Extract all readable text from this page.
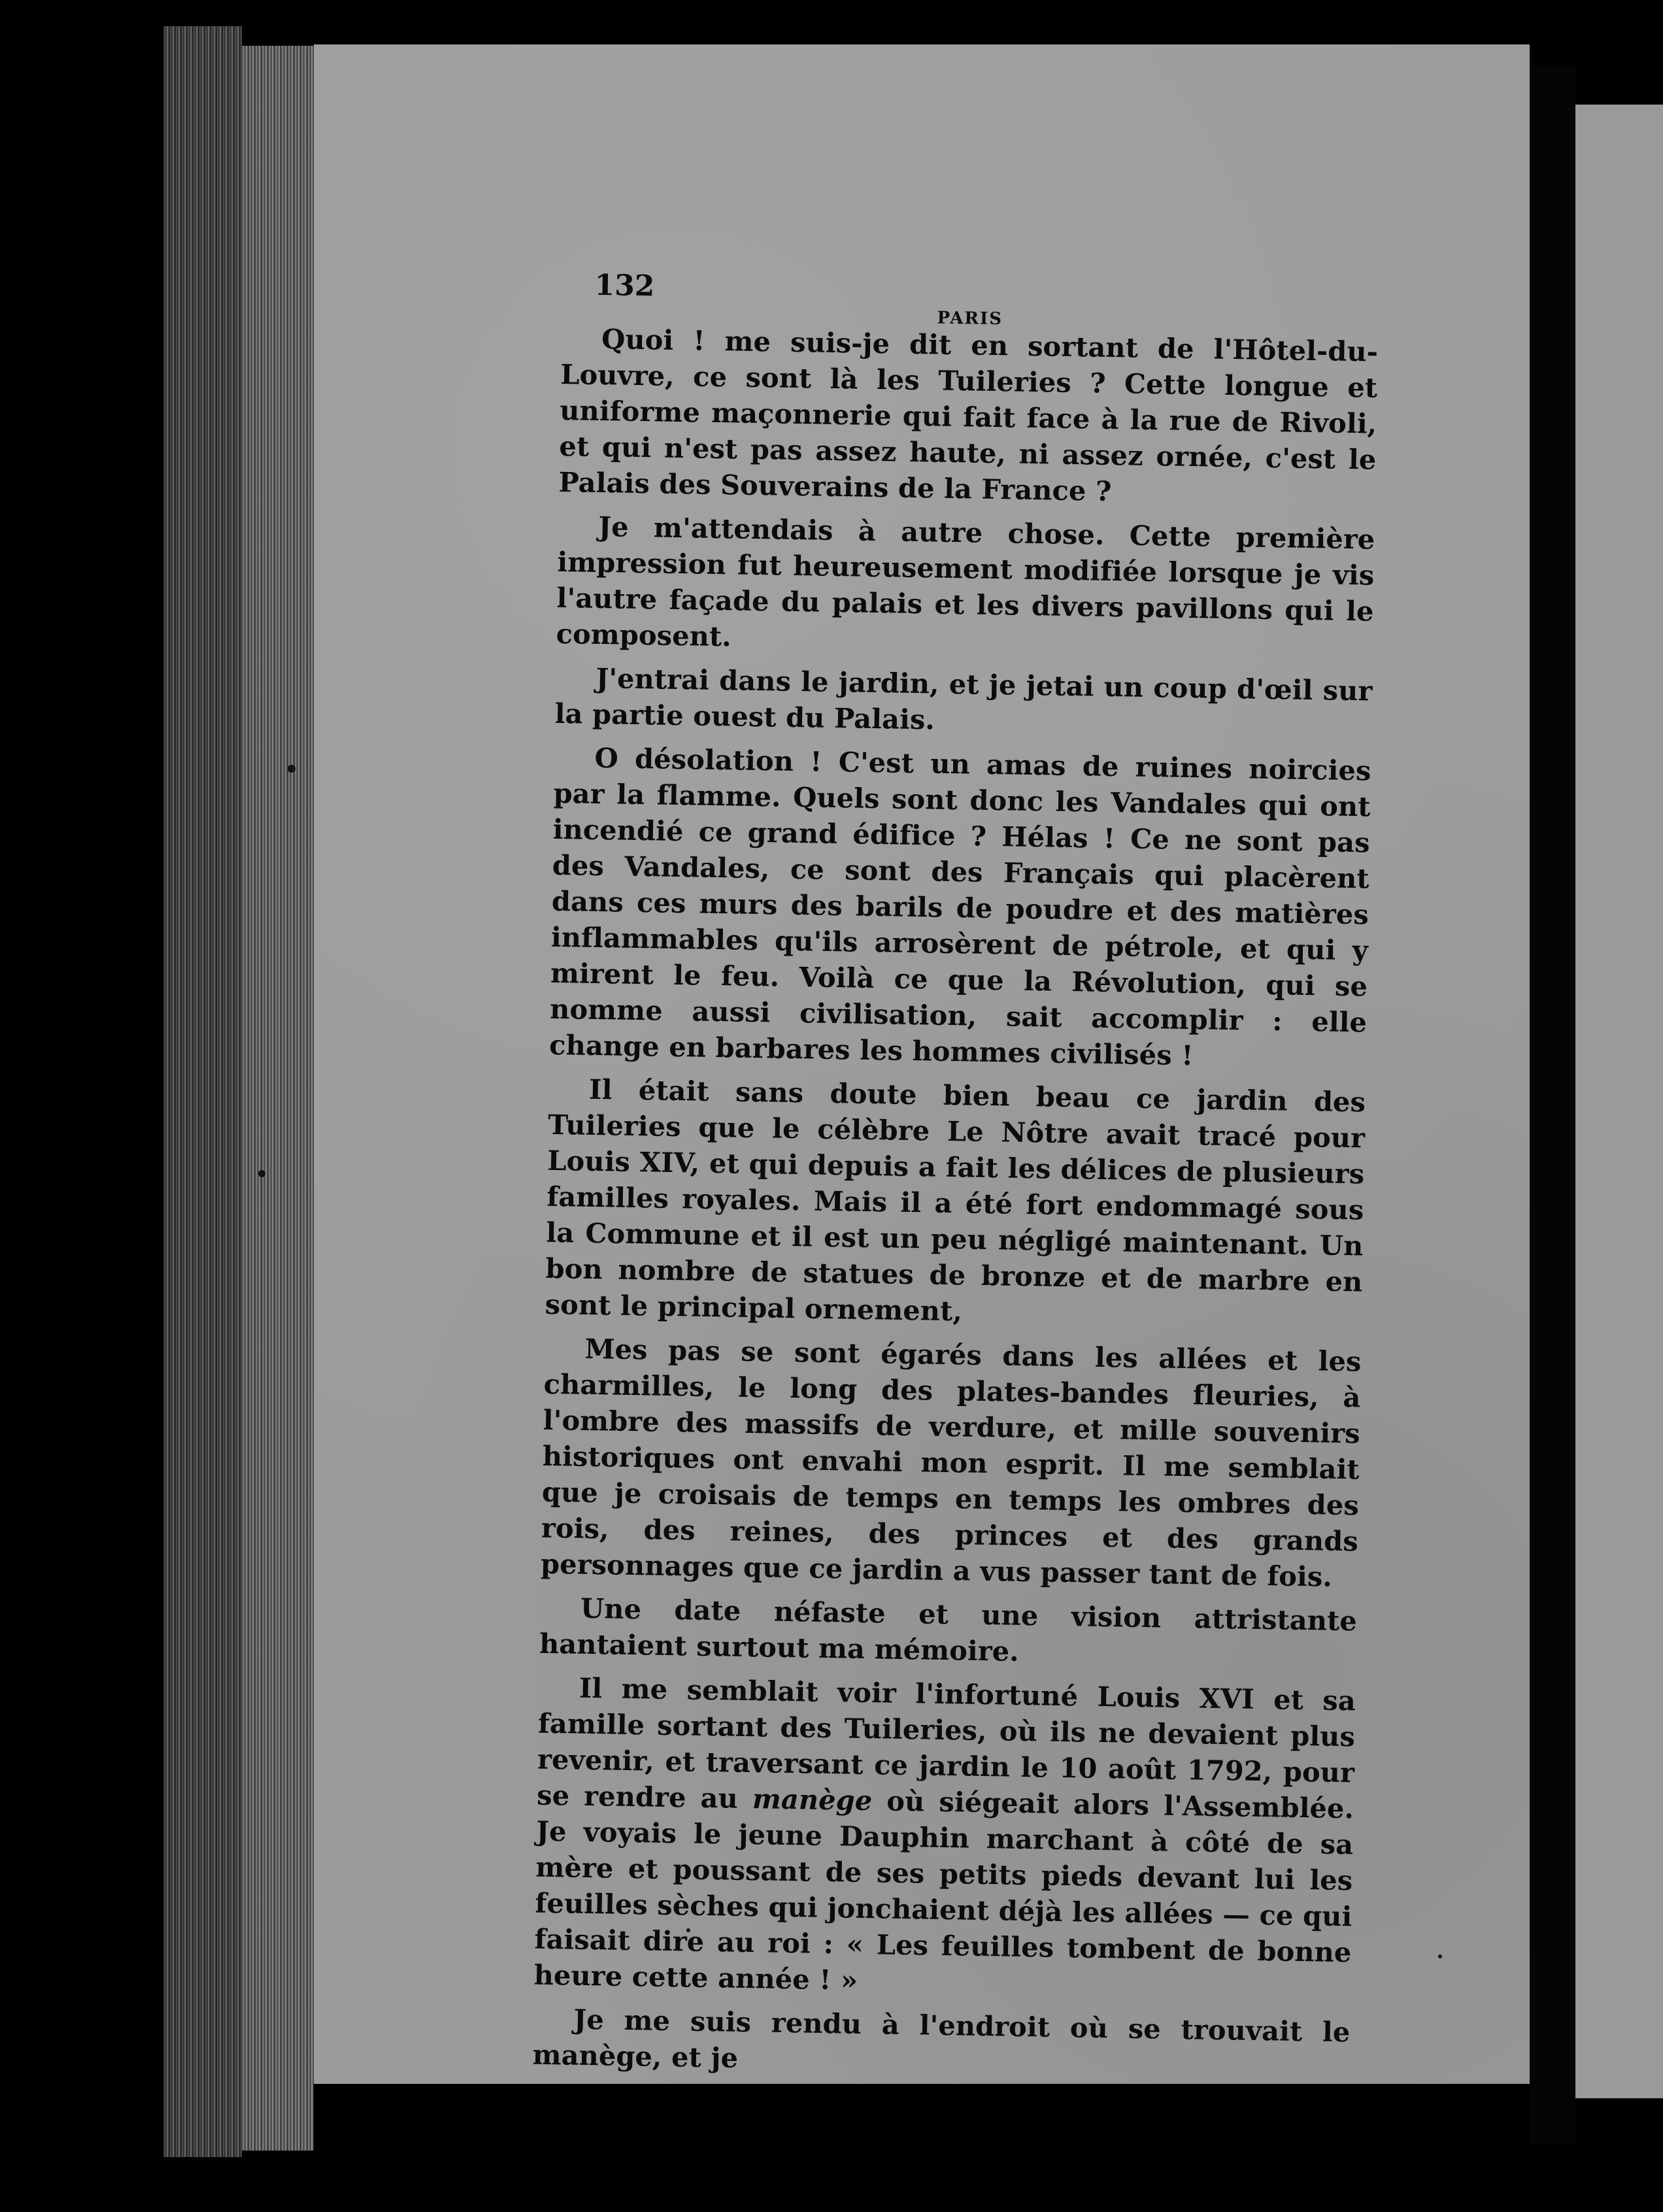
132
PARIS

Quoi ! me suis-je dit en sortant de l'Hôtel-du-Louvre, ce sont là les Tuileries ? Cette longue et uniforme maçonnerie qui fait face à la rue de Rivoli, et qui n'est pas assez haute, ni assez ornée, c'est le Palais des Souverains de la France ?

Je m'attendais à autre chose. Cette première impression fut heureusement modifiée lorsque je vis l'autre façade du palais et les divers pavillons qui le composent.

J'entrai dans le jardin, et je jetai un coup d'œil sur la partie ouest du Palais.

O désolation ! C'est un amas de ruines noircies par la flamme. Quels sont donc les Vandales qui ont incendié ce grand édifice ? Hélas ! Ce ne sont pas des Vandales, ce sont des Français qui placèrent dans ces murs des barils de poudre et des matières inflammables qu'ils arrosèrent de pétrole, et qui y mirent le feu. Voilà ce que la Révolution, qui se nomme aussi civilisation, sait accomplir : elle change en barbares les hommes civilisés !

Il était sans doute bien beau ce jardin des Tuileries que le célèbre Le Nôtre avait tracé pour Louis XIV, et qui depuis a fait les délices de plusieurs familles royales. Mais il a été fort endommagé sous la Commune et il est un peu négligé maintenant. Un bon nombre de statues de bronze et de marbre en sont le principal ornement,

Mes pas se sont égarés dans les allées et les charmilles, le long des plates-bandes fleuries, à l'ombre des massifs de verdure, et mille souvenirs historiques ont envahi mon esprit. Il me semblait que je croisais de temps en temps les ombres des rois, des reines, des princes et des grands personnages que ce jardin a vus passer tant de fois.

Une date néfaste et une vision attristante hantaient surtout ma mémoire.

Il me semblait voir l'infortuné Louis XVI et sa famille sortant des Tuileries, où ils ne devaient plus revenir, et traversant ce jardin le 10 août 1792, pour se rendre au manège où siégeait alors l'Assemblée. Je voyais le jeune Dauphin marchant à côté de sa mère et poussant de ses petits pieds devant lui les feuilles sèches qui jonchaient déjà les allées — ce qui faisait dire au roi : « Les feuilles tombent de bonne heure cette année ! »

Je me suis rendu à l'endroit où se trouvait le manège, et je
